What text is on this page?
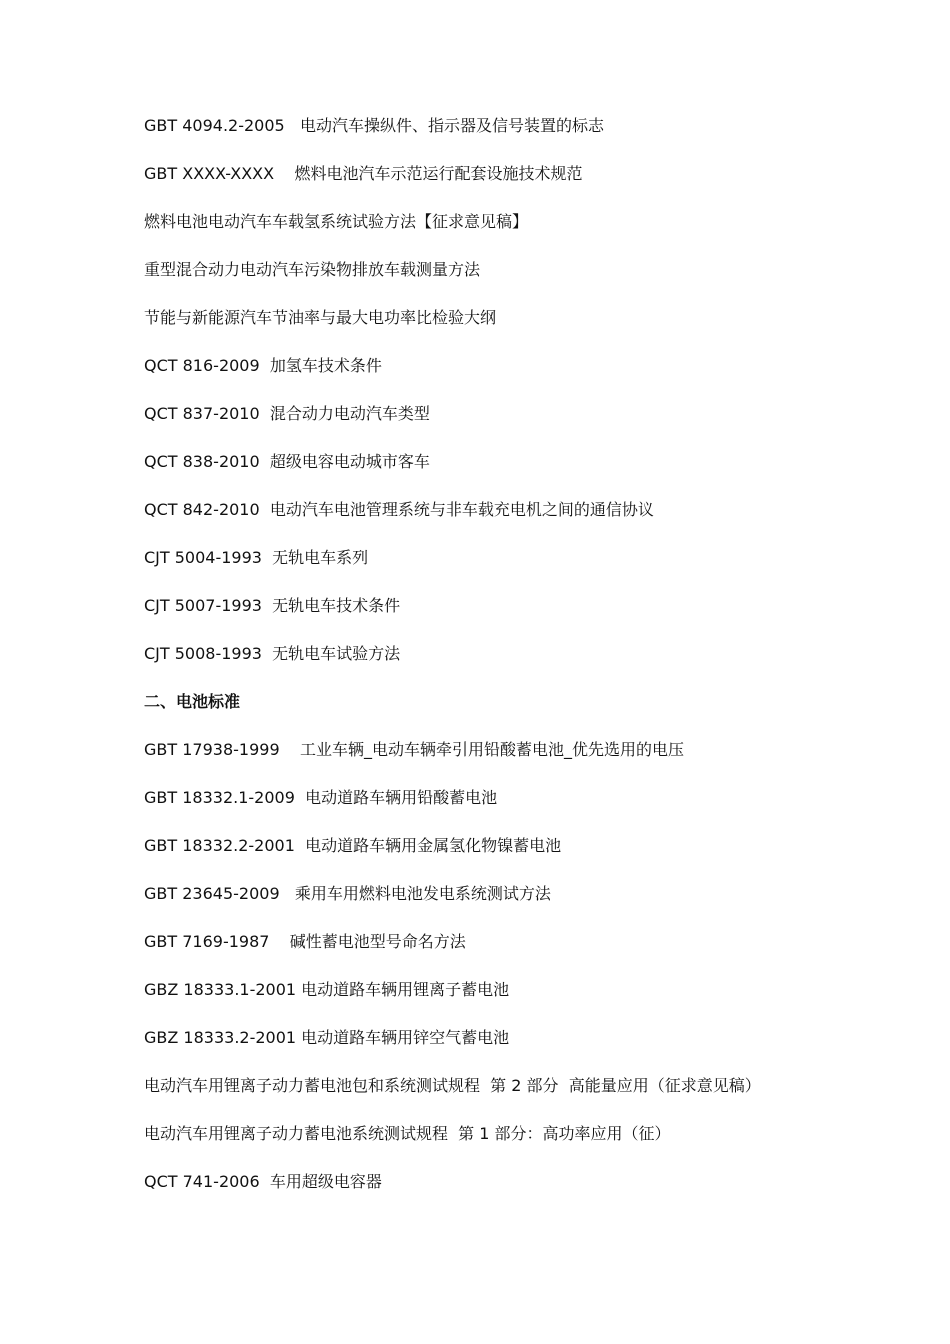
GBT 4094.2-2005   电动汽车操纵件、指示器及信号装置的标志
GBT XXXX-XXXX    燃料电池汽车示范运行配套设施技术规范
燃料电池电动汽车车载氢系统试验方法【征求意见稿】
重型混合动力电动汽车污染物排放车载测量方法
节能与新能源汽车节油率与最大电功率比检验大纲
QCT 816-2009  加氢车技术条件
QCT 837-2010  混合动力电动汽车类型
QCT 838-2010  超级电容电动城市客车
QCT 842-2010  电动汽车电池管理系统与非车载充电机之间的通信协议
CJT 5004-1993  无轨电车系列
CJT 5007-1993  无轨电车技术条件
CJT 5008-1993  无轨电车试验方法
二、电池标准
GBT 17938-1999    工业车辆_电动车辆牵引用铅酸蓄电池_优先选用的电压
GBT 18332.1-2009  电动道路车辆用铅酸蓄电池
GBT 18332.2-2001  电动道路车辆用金属氢化物镍蓄电池
GBT 23645-2009   乘用车用燃料电池发电系统测试方法
GBT 7169-1987    碱性蓄电池型号命名方法
GBZ 18333.1-2001 电动道路车辆用锂离子蓄电池
GBZ 18333.2-2001 电动道路车辆用锌空气蓄电池
电动汽车用锂离子动力蓄电池包和系统测试规程  第 2 部分  高能量应用（征求意见稿）
电动汽车用锂离子动力蓄电池系统测试规程  第 1 部分：高功率应用（征）
QCT 741-2006  车用超级电容器
